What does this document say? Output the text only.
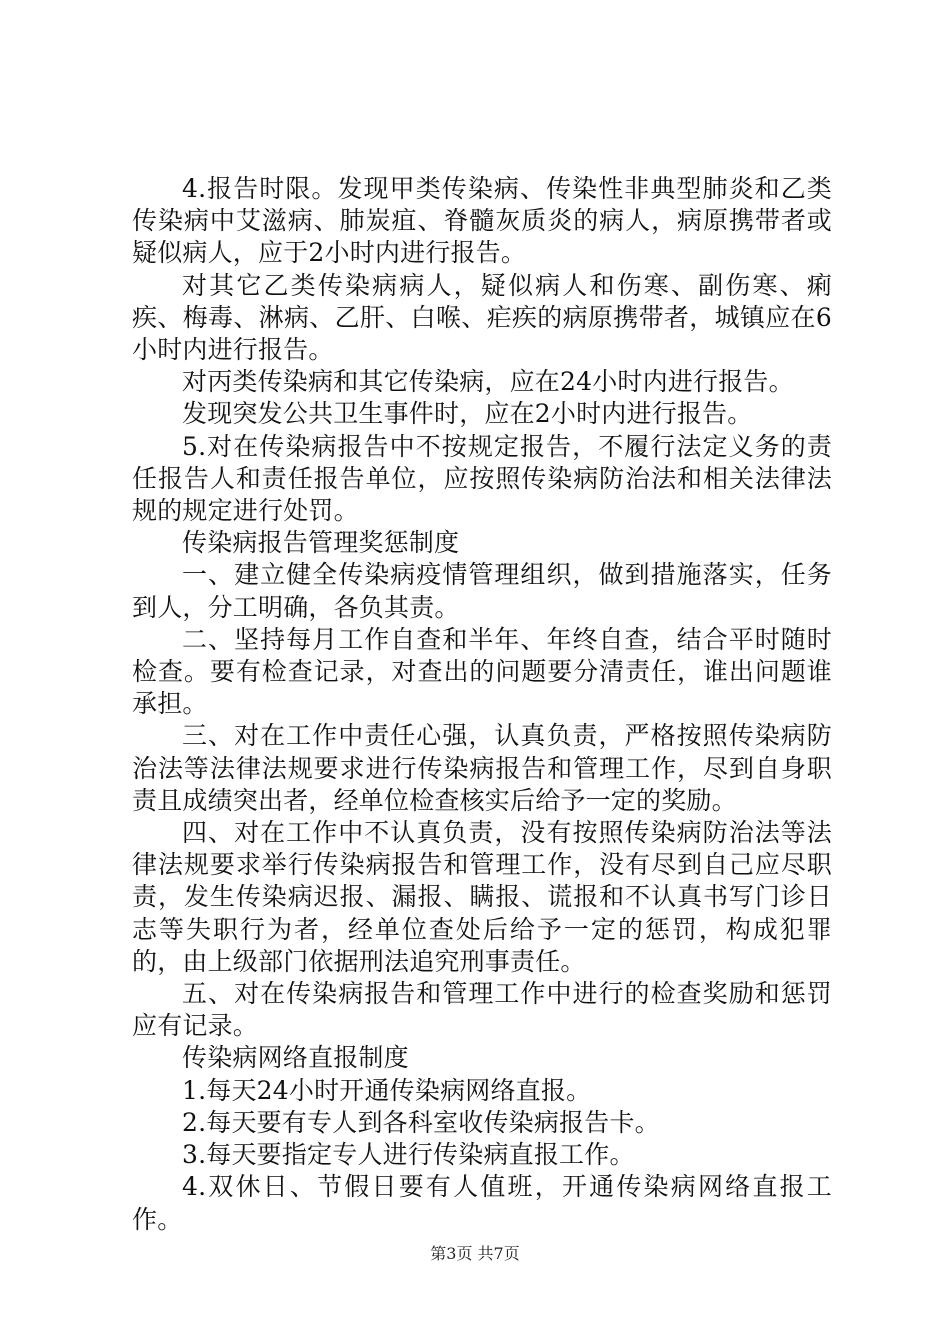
4.报告时限。发现甲类传染病、传染性非典型肺炎和乙类传染病中艾滋病、肺炭疽、脊髓灰质炎的病人，病原携带者或疑似病人，应于2小时内进行报告。

对其它乙类传染病病人，疑似病人和伤寒、副伤寒、痢疾、梅毒、淋病、乙肝、白喉、疟疾的病原携带者，城镇应在6小时内进行报告。

对丙类传染病和其它传染病，应在24小时内进行报告。

发现突发公共卫生事件时，应在2小时内进行报告。

5.对在传染病报告中不按规定报告，不履行法定义务的责任报告人和责任报告单位，应按照传染病防治法和相关法律法规的规定进行处罚。

传染病报告管理奖惩制度

一、建立健全传染病疫情管理组织，做到措施落实，任务到人，分工明确，各负其责。

二、坚持每月工作自查和半年、年终自查，结合平时随时检查。要有检查记录，对查出的问题要分清责任，谁出问题谁承担。

三、对在工作中责任心强，认真负责，严格按照传染病防治法等法律法规要求进行传染病报告和管理工作，尽到自身职责且成绩突出者，经单位检查核实后给予一定的奖励。

四、对在工作中不认真负责，没有按照传染病防治法等法律法规要求举行传染病报告和管理工作，没有尽到自己应尽职责，发生传染病迟报、漏报、瞒报、谎报和不认真书写门诊日志等失职行为者，经单位查处后给予一定的惩罚，构成犯罪的，由上级部门依据刑法追究刑事责任。

五、对在传染病报告和管理工作中进行的检查奖励和惩罚应有记录。

传染病网络直报制度

1.每天24小时开通传染病网络直报。

2.每天要有专人到各科室收传染病报告卡。

3.每天要指定专人进行传染病直报工作。

4.双休日、节假日要有人值班，开通传染病网络直报工作。

第3页 共7页
